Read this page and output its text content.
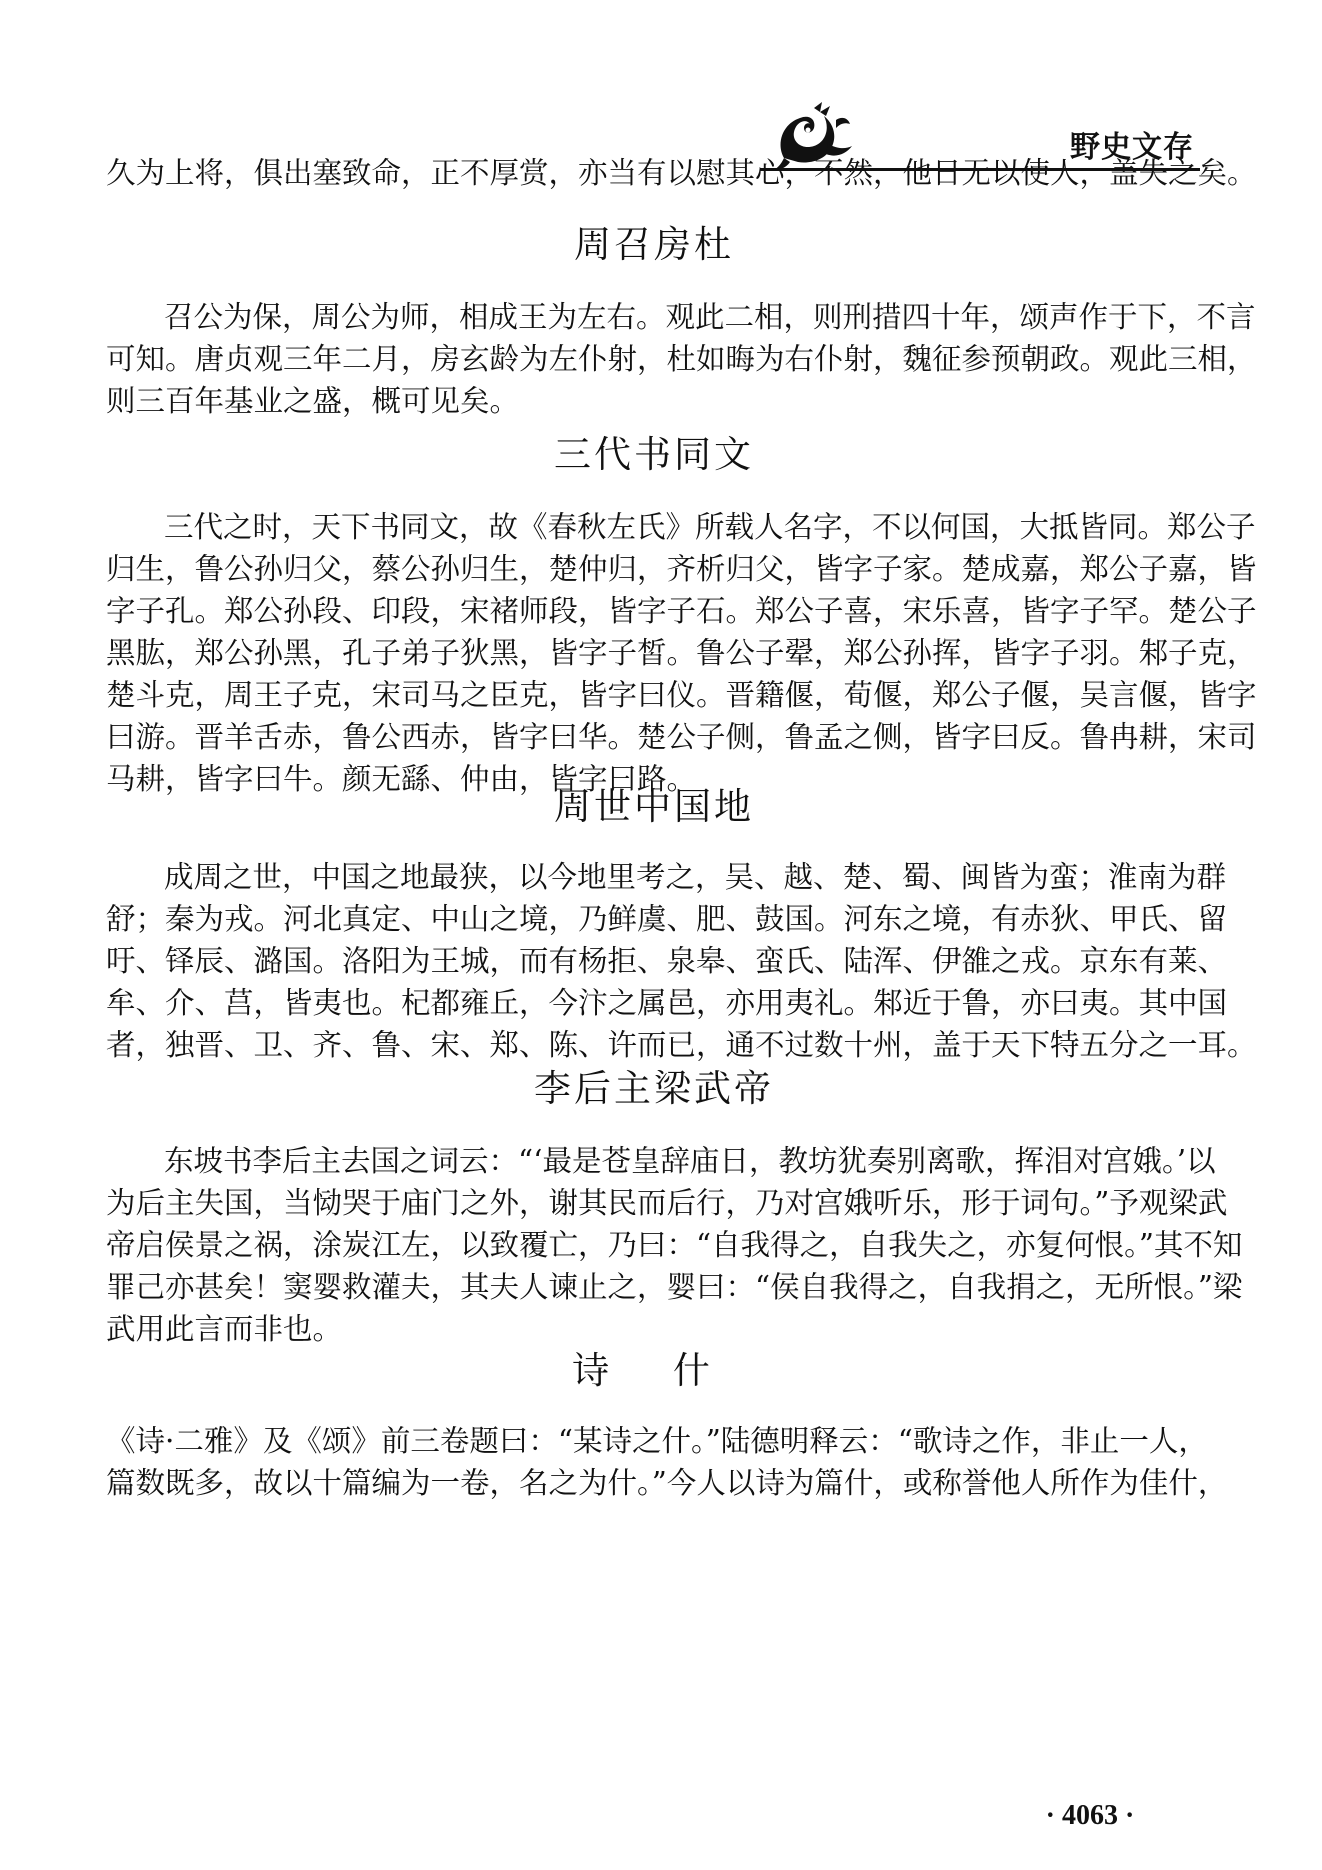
野史文存

久为上将，俱出塞致命，正不厚赏，亦当有以慰其心，不然，他日无以使人，盖失之矣。

周召房杜

召公为保，周公为师，相成王为左右。观此二相，则刑措四十年，颂声作于下，不言
可知。唐贞观三年二月，房玄龄为左仆射，杜如晦为右仆射，魏征参预朝政。观此三相，
则三百年基业之盛，概可见矣。

三代书同文

三代之时，天下书同文，故《春秋左氏》所载人名字，不以何国，大抵皆同。郑公子
归生，鲁公孙归父，蔡公孙归生，楚仲归，齐析归父，皆字子家。楚成嘉，郑公子嘉，皆
字子孔。郑公孙段、印段，宋褚师段，皆字子石。郑公子喜，宋乐喜，皆字子罕。楚公子
黑肱，郑公孙黑，孔子弟子狄黑，皆字子皙。鲁公子翚，郑公孙挥，皆字子羽。邾子克，
楚斗克，周王子克，宋司马之臣克，皆字曰仪。晋籍偃，荀偃，郑公子偃，吴言偃，皆字
曰游。晋羊舌赤，鲁公西赤，皆字曰华。楚公子侧，鲁孟之侧，皆字曰反。鲁冉耕，宋司
马耕，皆字曰牛。颜无繇、仲由，皆字曰路。

周世中国地

成周之世，中国之地最狭，以今地里考之，吴、越、楚、蜀、闽皆为蛮；淮南为群
舒；秦为戎。河北真定、中山之境，乃鲜虞、肥、鼓国。河东之境，有赤狄、甲氏、留
吁、铎辰、潞国。洛阳为王城，而有杨拒、泉皋、蛮氏、陆浑、伊雒之戎。京东有莱、
牟、介、莒，皆夷也。杞都雍丘，今汴之属邑，亦用夷礼。邾近于鲁，亦曰夷。其中国
者，独晋、卫、齐、鲁、宋、郑、陈、许而已，通不过数十州，盖于天下特五分之一耳。

李后主梁武帝

东坡书李后主去国之词云：“‘最是苍皇辞庙日，教坊犹奏别离歌，挥泪对宫娥。’以
为后主失国，当恸哭于庙门之外，谢其民而后行，乃对宫娥听乐，形于词句。”予观梁武
帝启侯景之祸，涂炭江左，以致覆亡，乃曰：“自我得之，自我失之，亦复何恨。”其不知
罪己亦甚矣！窦婴救灌夫，其夫人谏止之，婴曰：“侯自我得之，自我捐之，无所恨。”梁
武用此言而非也。

诗 什

《诗·二雅》及《颂》前三卷题曰：“某诗之什。”陆德明释云：“歌诗之作，非止一人，
篇数既多，故以十篇编为一卷，名之为什。”今人以诗为篇什，或称誉他人所作为佳什，

· 4063 ·
